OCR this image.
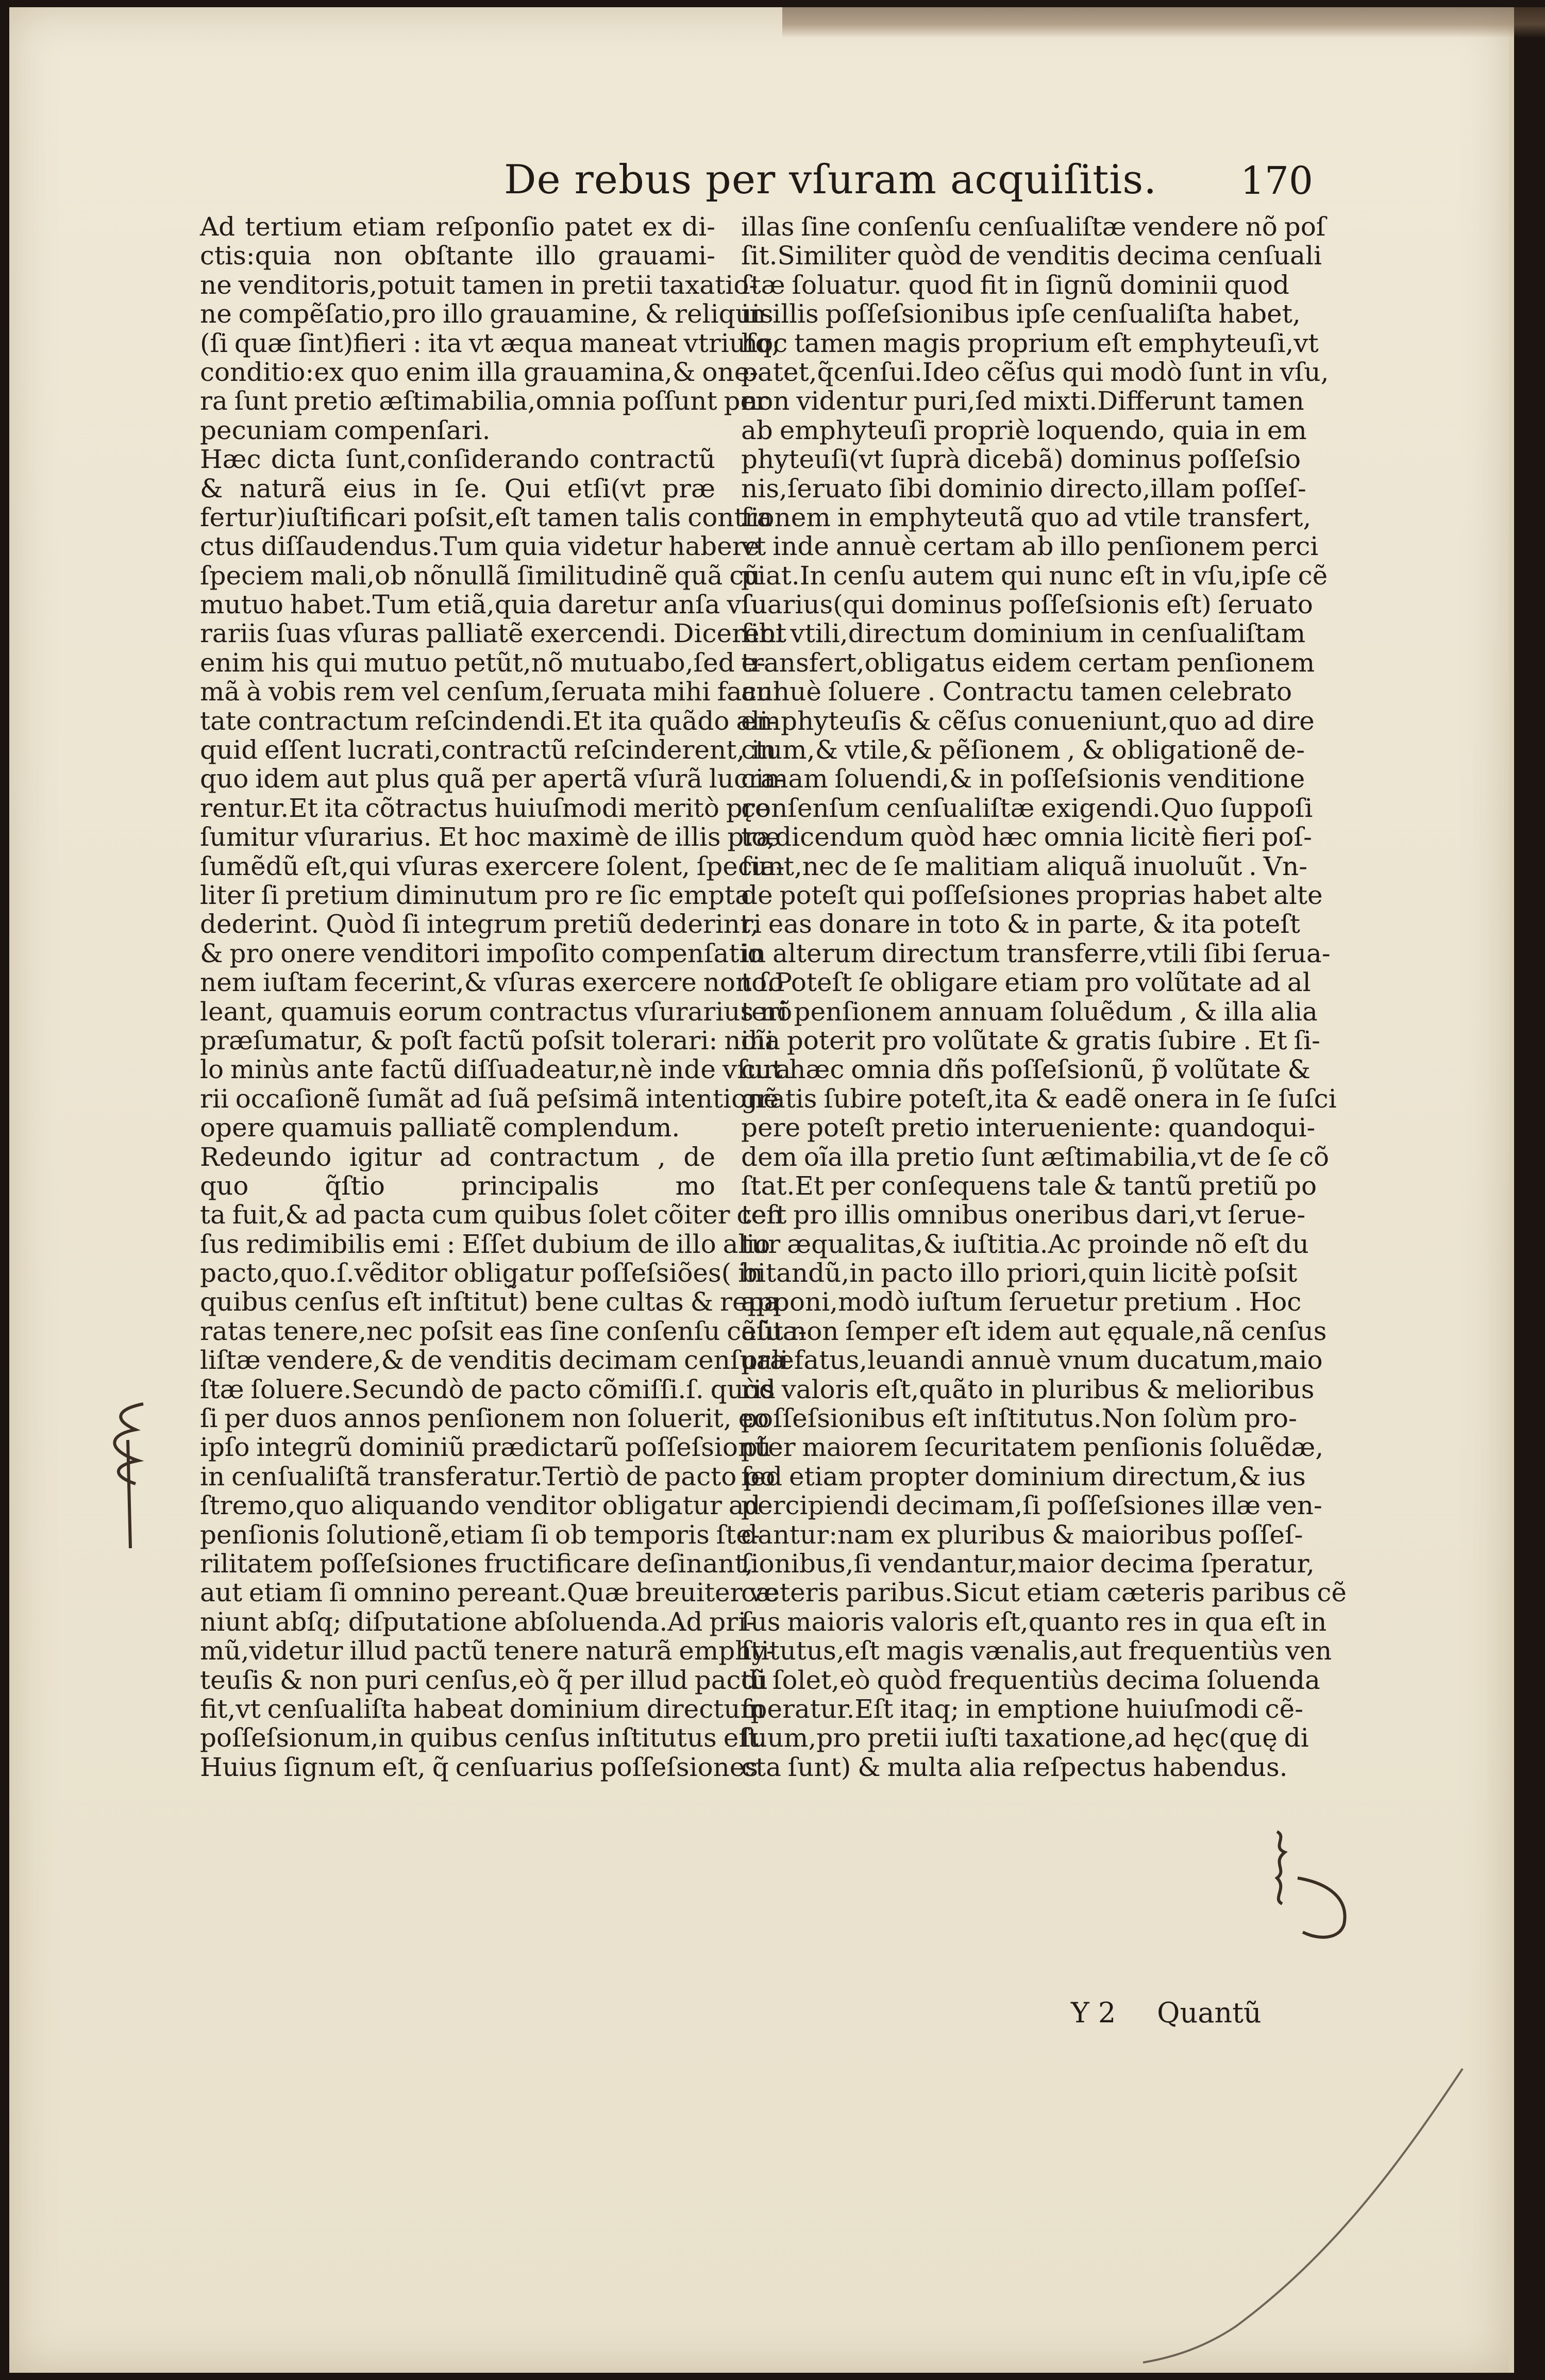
De rebus per vſuram acquiſitis. 170
Ad tertium etiam reſponſio patet ex di-
ctis:quia non obſtante illo grauami-
ne venditoris,potuit tamen in pretii taxatio-
ne compẽſatio,pro illo grauamine, & reliquis
(ſi quæ ſint)fieri : ita vt æqua maneat vtriuſq;
conditio:ex quo enim illa grauamina,& one-
ra ſunt pretio æſtimabilia,omnia poſſunt per
pecuniam compenſari.
Hæc dicta ſunt,conſiderando contractũ
& naturã eius in ſe. Qui etſi(vt præ
fertur)iuſtificari poſsit,eſt tamen talis contra
ctus diſſaudendus.Tum quia videtur habere
ſpeciem mali,ob nõnullã ſimilitudinẽ quã cũ
mutuo habet.Tum etiã,quia daretur anſa vſu
rariis ſuas vſuras palliatẽ exercendi. Dicerent
enim his qui mutuo petũt,nõ mutuabo,ſed e-
mã à vobis rem vel cenſum,ſeruata mihi facul
tate contractum reſcindendi.Et ita quãdo ali-
quid eſſent lucrati,contractũ reſcinderent, in
quo idem aut plus quã per apertã vſurã lucra-
rentur.Et ita cõtractus huiuſmodi meritò pr̨e
ſumitur vſurarius. Et hoc maximè de illis præ
ſumẽdũ eſt,qui vſuras exercere ſolent, ſpecia-
liter ſi pretium diminutum pro re ſic empta
dederint. Quòd ſi integrum pretiũ dederint,
& pro onere venditori impoſito compenſatio
nem iuſtam fecerint,& vſuras exercere non ſo
leant, quamuis eorum contractus vſurarius nõ
præſumatur, & poſt factũ poſsit tolerari: nihi
lo minùs ante factũ diſſuadeatur,nè inde vſura
rii occaſionẽ ſumãt ad ſuã peſsimã intentionẽ
opere quamuis palliatẽ complendum.
Redeundo igitur ad contractum , de
quo q̃ſtio principalis mo
ta fuit,& ad pacta cum quibus ſolet cõiter cen
ſus redimibilis emi : Eſſet dubium de illo alio
pacto,quo.ſ.vẽditor obligatur poſſeſsiões( in
quibus cenſus eſt inſtitut̃) bene cultas & repa
ratas tenere,nec poſsit eas ſine conſenſu cẽſua-
liſtæ vendere,& de venditis decimam cenſuali
ſtæ ſoluere.Secundò de pacto cõmiſſi.ſ. quòd
ſi per duos annos penſionem non ſoluerit, eo
ipſo integrũ dominiũ prædictarũ poſſeſsionũ
in cenſualiſtã transferatur.Tertiò de pacto po
ſtremo,quo aliquando venditor obligatur ad
penſionis ſolutionẽ,etiam ſi ob temporis ſte-
rilitatem poſſeſsiones fructificare deſinant,
aut etiam ſi omnino pereant.Quæ breuiter ve
niunt abſq; diſputatione abſoluenda.Ad pri-
mũ,videtur illud pactũ tenere naturã emphy-
teuſis & non puri cenſus,eò q̃ per illud pactũ
fit,vt cenſualiſta habeat dominium directum
poſſeſsionum,in quibus cenſus inſtitutus eſt.
Huius ſignum eſt, q̃ cenſuarius poſſeſsiones
illas ſine conſenſu cenſualiſtæ vendere nõ poſ
ſit.Similiter quòd de venditis decima cenſuali
ſtæ ſoluatur. quod fit in ſignũ dominii quod
in illis poſſeſsionibus ipſe cenſualiſta habet,
hoc tamen magis proprium eſt emphyteuſi,vt
patet,q̃cenſui.Ideo cẽſus qui modò ſunt in vſu,
non videntur puri,ſed mixti.Differunt tamen
ab emphyteuſi propriè loquendo, quia in em
phyteuſi(vt ſuprà dicebã) dominus poſſeſsio
nis,ſeruato ſibi dominio directo,illam poſſeſ-
ſionem in emphyteutã quo ad vtile transfert,
vt inde annuè certam ab illo penſionem perci
piat.In cenſu autem qui nunc eſt in vſu,ipſe cẽ
ſuarius(qui dominus poſſeſsionis eſt) ſeruato
ſibi vtili,directum dominium in cenſualiſtam
transfert,obligatus eidem certam penſionem
annuè ſoluere . Contractu tamen celebrato
emphyteuſis & cẽſus conueniunt,quo ad dire
ctum,& vtile,& pẽſionem , & obligationẽ de-
cimam ſoluendi,& in poſſeſsionis venditione
conſenſum cenſualiſtæ exigendi.Quo ſuppoſi
to,dicendum quòd hæc omnia licitè fieri poſ-
ſunt,nec de ſe malitiam aliquã inuoluũt . Vn-
de poteſt qui poſſeſsiones proprias habet alte
ri eas donare in toto & in parte, & ita poteſt
in alterum directum transferre,vtili ſibi ſerua-
to.Poteſt ſe obligare etiam pro volũtate ad al
teri penſionem annuam ſoluẽdum , & illa alia
oĩa poterit pro volũtate & gratis ſubire . Et ſi-
cut hæc omnia dñs poſſeſsionũ, p̃ volũtate &
gratis ſubire poteſt,ita & eadẽ onera in ſe ſuſci
pere poteſt pretio interueniente: quandoqui-
dem oĩa illa pretio ſunt æſtimabilia,vt de ſe cõ
ſtat.Et per conſequens tale & tantũ pretiũ po
teſt pro illis omnibus oneribus dari,vt ſerue-
tur æqualitas,& iuſtitia.Ac proinde nõ eſt du
bitandũ,in pacto illo priori,quin licitè poſsit
apponi,modò iuſtum ſeruetur pretium . Hoc
aũt non ſemper eſt idem aut ęquale,nã cenſus
præfatus,leuandi annuè vnum ducatum,maio
ris valoris eſt,quãto in pluribus & melioribus
poſſeſsionibus eſt inſtitutus.Non ſolùm pro-
pter maiorem ſecuritatem penſionis ſoluẽdæ,
ſed etiam propter dominium directum,& ius
percipiendi decimam,ſi poſſeſsiones illæ ven-
dantur:nam ex pluribus & maioribus poſſeſ-
ſionibus,ſi vendantur,maior decima ſperatur,
cæteris paribus.Sicut etiam cæteris paribus cẽ
ſus maioris valoris eſt,quanto res in qua eſt in
ſtitutus,eſt magis vænalis,aut frequentiùs ven
di ſolet,eò quòd frequentiùs decima ſoluenda
ſperatur.Eſt itaq; in emptione huiuſmodi cẽ-
ſuum,pro pretii iuſti taxatione,ad hęc(quę di
cta ſunt) & multa alia reſpectus habendus.
Y 2 Quantũ
